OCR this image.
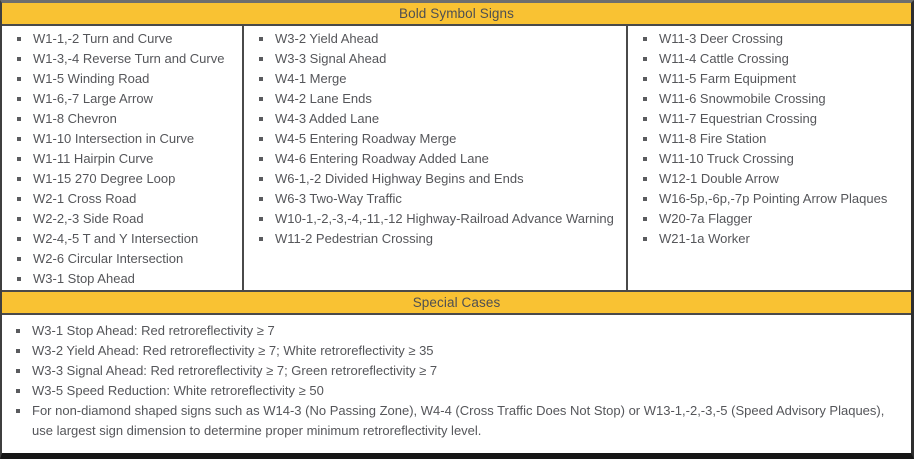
Bold Symbol Signs
W1-1,-2 Turn and Curve
W1-3,-4 Reverse Turn and Curve
W1-5 Winding Road
W1-6,-7 Large Arrow
W1-8 Chevron
W1-10 Intersection in Curve
W1-11 Hairpin Curve
W1-15 270 Degree Loop
W2-1 Cross Road
W2-2,-3 Side Road
W2-4,-5 T and Y Intersection
W2-6 Circular Intersection
W3-1 Stop Ahead
W3-2 Yield Ahead
W3-3 Signal Ahead
W4-1 Merge
W4-2 Lane Ends
W4-3 Added Lane
W4-5 Entering Roadway Merge
W4-6 Entering Roadway Added Lane
W6-1,-2 Divided Highway Begins and Ends
W6-3 Two-Way Traffic
W10-1,-2,-3,-4,-11,-12 Highway-Railroad Advance Warning
W11-2 Pedestrian Crossing
W11-3 Deer Crossing
W11-4 Cattle Crossing
W11-5 Farm Equipment
W11-6 Snowmobile Crossing
W11-7 Equestrian Crossing
W11-8 Fire Station
W11-10 Truck Crossing
W12-1 Double Arrow
W16-5p,-6p,-7p Pointing Arrow Plaques
W20-7a Flagger
W21-1a Worker
Special Cases
W3-1 Stop Ahead: Red retroreflectivity ≥ 7
W3-2 Yield Ahead: Red retroreflectivity ≥ 7; White retroreflectivity ≥ 35
W3-3 Signal Ahead: Red retroreflectivity ≥ 7; Green retroreflectivity ≥ 7
W3-5 Speed Reduction: White retroreflectivity ≥ 50
For non-diamond shaped signs such as W14-3 (No Passing Zone), W4-4 (Cross Traffic Does Not Stop) or W13-1,-2,-3,-5 (Speed Advisory Plaques), use largest sign dimension to determine proper minimum retroreflectivity level.
